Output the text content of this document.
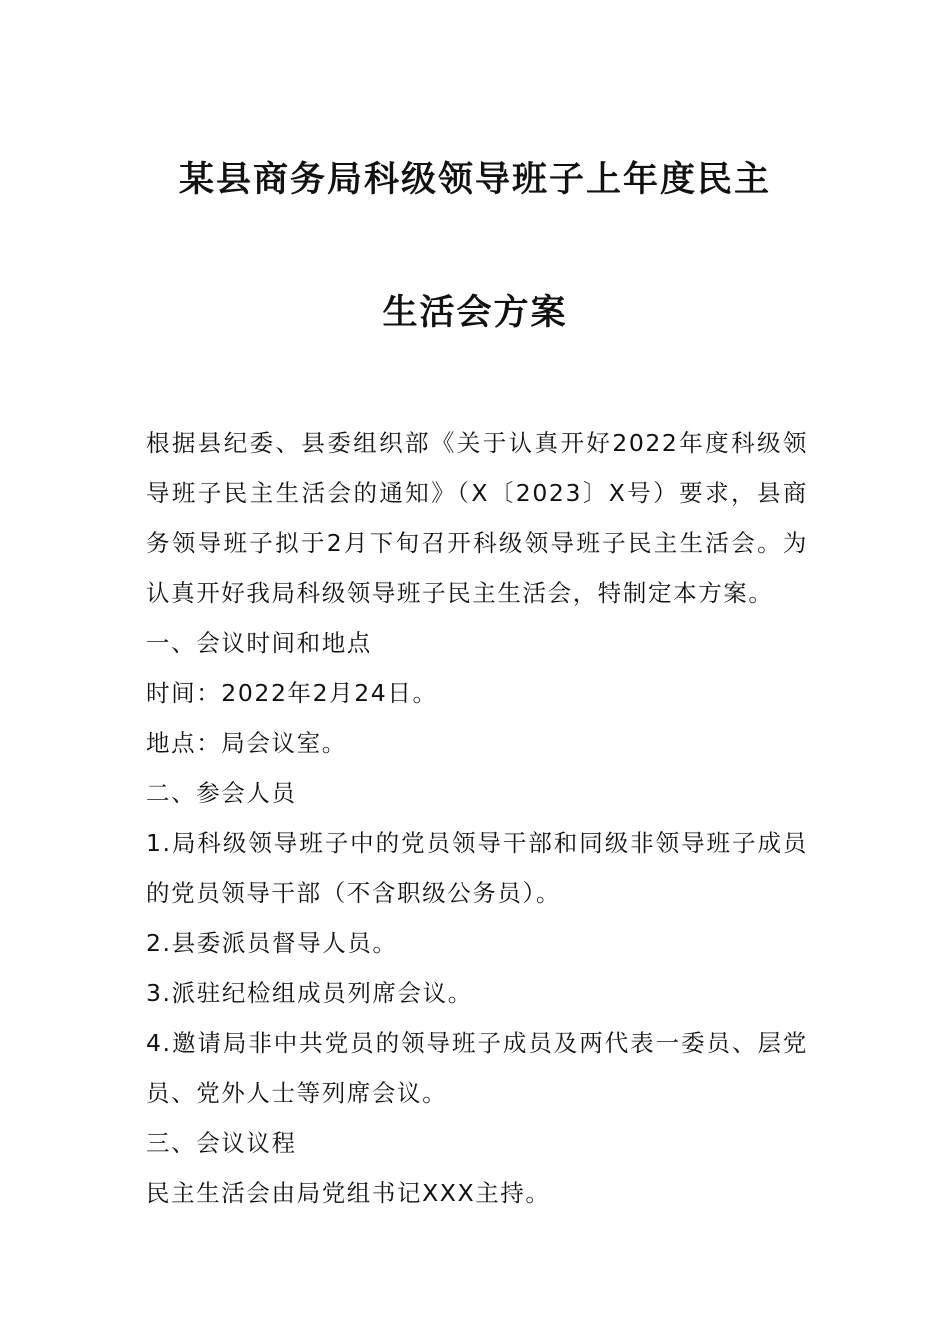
某县商务局科级领导班子上年度民主
生活会方案

根据县纪委、县委组织部《关于认真开好2022年度科级领导班子民主生活会的通知》（X〔2023〕X号）要求，县商务领导班子拟于2月下旬召开科级领导班子民主生活会。为认真开好我局科级领导班子民主生活会，特制定本方案。

一、会议时间和地点

时间：2022年2月24日。

地点：局会议室。

二、参会人员

1.局科级领导班子中的党员领导干部和同级非领导班子成员的党员领导干部（不含职级公务员）。

2.县委派员督导人员。

3.派驻纪检组成员列席会议。

4.邀请局非中共党员的领导班子成员及两代表一委员、层党员、党外人士等列席会议。

三、会议议程

民主生活会由局党组书记XXX主持。
